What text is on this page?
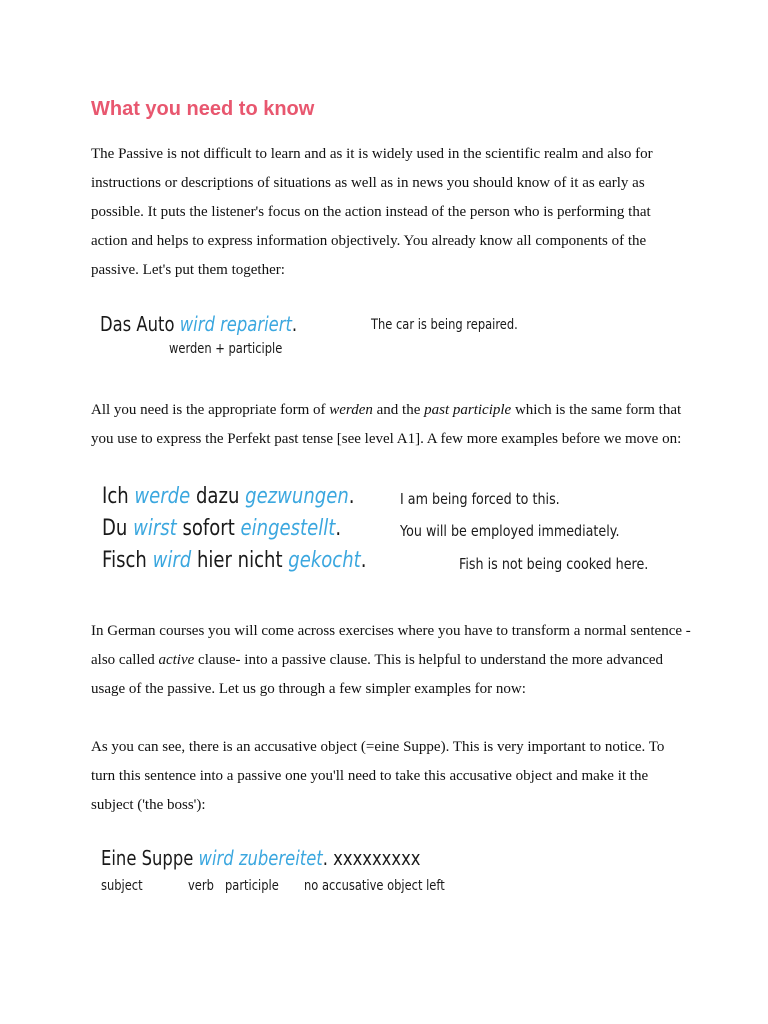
What you need to know

The Passive is not difficult to learn and as it is widely used in the scientific realm and also for instructions or descriptions of situations as well as in news you should know of it as early as possible. It puts the listener's focus on the action instead of the person who is performing that action and helps to express information objectively. You already know all components of the passive. Let's put them together:

Das Auto wird repariert.
werden + participle
The car is being repaired.

All you need is the appropriate form of werden and the past participle which is the same form that you use to express the Perfekt past tense [see level A1]. A few more examples before we move on:

Ich werde dazu gezwungen.	I am being forced to this.
Du wirst sofort eingestellt.	You will be employed immediately.
Fisch wird hier nicht gekocht.	Fish is not being cooked here.

In German courses you will come across exercises where you have to transform a normal sentence - also called active clause- into a passive clause. This is helpful to understand the more advanced usage of the passive. Let us go through a few simpler examples for now:

As you can see, there is an accusative object (=eine Suppe). This is very important to notice. To turn this sentence into a passive one you'll need to take this accusative object and make it the subject ('the boss'):

Eine Suppe wird zubereitet. xxxxxxxxx
subject	verb participle no accusative object left
